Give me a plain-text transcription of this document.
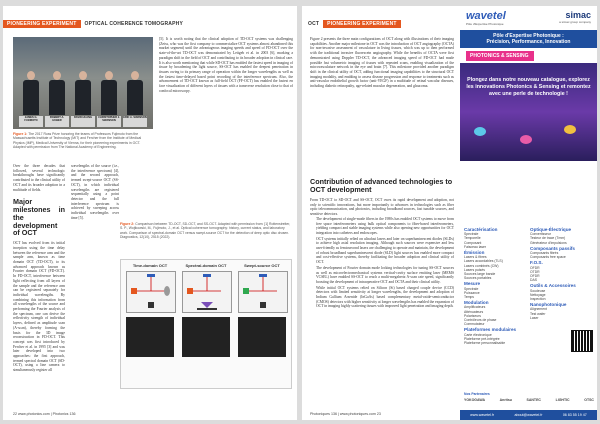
PIONEERING EXPERIMENT	OPTICAL COHERENCE TOMOGRAPHY
JAMES G. FUJIMOTO
ROBERT A. HUBER
DAVID HUANG	CHRISTOPHER J. SWANSON
ERIC A. SWANSON
Figure 1: The 2017 Russ Prize honoring the teams of Professors Fujimoto from the Massachusetts Institute of Technology (MIT) and Fercher from the Institute of Medical Physics (IMP), Medical University of Vienna, for their pioneering experiments in OCT. Adapted with permission from The National Academy of Engineering.

Over the three decades that followed, several technologic breakthroughs have significantly contributed to the clinical utility of OCT and its broader adoption in a multitude of fields.

Major milestones in the development of OCT

OCT has evolved from its initial inception using the time delay between the reference arm and the sample arm, known as time domain OCT (TD-OCT), to its advanced approach known as Fourier domain OCT (FD-OCT). In FD-OCT, interference between light reflecting from all layers of the sample and the reference arm can be registered separately for individual wavelengths. By combining this information from all wavelengths of the source and performing the Fourier analysis of the spectrum, one can derive the reflectivity strength of individual layers, defined as amplitude scan (A-scan), thereby forming the basis for the 3D image reconstruction in FD-OCT. This concept was first introduced by Fercher et al. in 1995 [3] and was later developed into two approaches: the first approach, termed spectral domain OCT (SD-OCT), using a line camera to simultaneously register all

wavelengths of the source (i.e., the interference spectrum) [4], and the second approach, termed swept-source OCT (SS-OCT), in which individual wavelengths are registered sequentially using a point detector and the full interference spectrum is achieved by sweeping across individual wavelengths over time [5].

[5]. It is worth noting that the clinical adoption of TD-OCT systems was challenging (Zeiss, who was the first company to commercialize OCT systems almost abandoned this market segment) until the advantageous imaging speeds and speed of FD-OCT over the state-of-the-art TD-OCT was demonstrated by Leitgeb et al. in 2003 [6], marking a paradigm shift in the field of OCT and contributing to its broader adoption in clinical care. It is also worth mentioning that while SD-OCT has enabled the fastest speed in imaging of tissue by broadening the light source, SS-OCT has enabled the deepest penetration in tissues owing to its primary range of operation within the longer wavelengths as well as the fastest time-delayed based point recording of the interference spectrum. Also, the advancement of TD-OCT known as full-field OCT (FF-OCT) has enabled the fastest en face visualization of different layers of tissues with a transverse resolution close to that of confocal microscopy.

Figure 2: Comparison between TD-OCT, SD-OCT, and SS-OCT. Adapted with permission from: [1] Rottenstreiter, S. P., Wojtkowski, M., Fujimoto, J., et al. Optical coherence tomography: history, current status, and laboratory work. Comparison of spectral-domain OCT versus swept-source OCT for the detection of deep optic disc drusen. Diagnostics, 12(10), 2515 (2022).
Time-domain OCT	Spectral-domain OCT	Swept-source OCT
22 www.photonics.com | Photonics 136
OCT	PIONEERING EXPERIMENT

Figure 2 presents the three main configurations of OCT along with illustrations of their imaging capabilities. Another major milestone in OCT was the introduction of OCT angiography (OCTA) for non-invasive assessment of vasculature in living tissues, which was up to then performed with the traditional invasive fluorescein angiography. While the benefits of OCTA were first demonstrated using Doppler TD-OCT, the advanced imaging speed of FD-OCT had made possible fast volumetric imaging of tissues with repeated scans, enabling visualization of the microvasculature network in the eye and brain [7]. This milestone provided another paradigm shift in the clinical utility of OCT, adding functional imaging capabilities to the structural OCT imaging modality, and enabling to assess disease progression and response to treatments such as anti-vascular endothelial growth factor (anti-VEGF) in a multitude of retinal vascular diseases, including diabetic retinopathy, age-related macular degeneration, and glaucoma.

Contribution of advanced technologies to OCT development

From TD-OCT to SD-OCT and SS-OCT, OCT owes its rapid development and adoption, not only to scientific innovations, but more importantly to advances in technologies such as fiber optic telecommunication, and photonics, including broadband sources, fast tunable sources, and sensitive detectors.

• The development of single-mode fibers in the 1980s has enabled OCT systems to move from free space interferometers using bulk optical components to fiber-based interferometers, yielding compact and stable imaging systems while also opening new opportunities for OCT integration into catheters and endoscopes.
• OCT systems initially relied on ultrafast lasers and later on superluminescent diodes (SLDs) to achieve high axial resolution imaging. Although such sources were expensive and less user-friendly as femtosecond lasers are challenging to operate and maintain, the development of robust broadband superluminescent diode (SLD) light sources has enabled more compact and cost-effective systems, thereby facilitating the broader adoption and clinical utility of OCT.
• The development of Fourier domain mode locking technologies for tuning SS-OCT sources as well as microelectromechanical systems vertical-cavity surface emitting laser (MEMS VCSEL) have enabled SS-OCT to reach a multi-megahertz A-scan rate speed, significantly boosting the development of intraoperative OCT and OCTA and their clinical utility.
• While initial OCT systems relied on Silicon (Si) based charged couple device (CCD) detectors with limited sensitivity at longer wavelengths, the development and adoption of Indium Gallium Arsenide (InGaAs) based complementary metal-oxide-semiconductor (CMOS) detectors with higher sensitivity at longer wavelengths has enabled the expansion of OCT in imaging highly scattering tissues with improved light penetration and imaging depth.
Photoniques 136 | www.photoniques.com 23
wavetel
Pôle d'Expertise Photonique
simac
a simac group company
Pôle d'Expertise Photonique :
Précision, Performance, Innovation
PHOTONICS & SENSING
Plongez dans notre nouveau catalogue, explorez les innovations Photonics & Sensing et remontez avec une perle de technologie !
Caractérisation
Spectrale
Temporelle
Composant
Faisceau laser
Émission
Lasers & fibres
Lasers accordables (TLS)
Lasers combinés (CW)
Lasers pulsés
Sources large bande
Sources portables
Mesure
Spectrale
Puissance
Temps
Modulation
Amplificateurs
Atténuateurs
Polariseurs
Contrôleurs de phase
Commutateur
Plateformes modulaires
Carte électronique
Plateforme pré-intégrée
Plateforme personnalisable
Optique-Électrique
Convertisseur
Testeur de trace (Tmm)
Générateur d'impulsions
Composants passifs
Composants fibrés
Composants free space
F.O.S.
OFDR
OTDR
OFDR
DAS
Outils & Accessoires
Soudeuse
Nettoyage
Inspection
Nanophotonique
Alignement
Test wafer
Laser
Nos Partenaires
YOKOGAWA	Anritsu	SANTEC	LIGHTIC	OTSC
www.wavetel.fr	about@wavetel.fr	06 83 55 19 47
